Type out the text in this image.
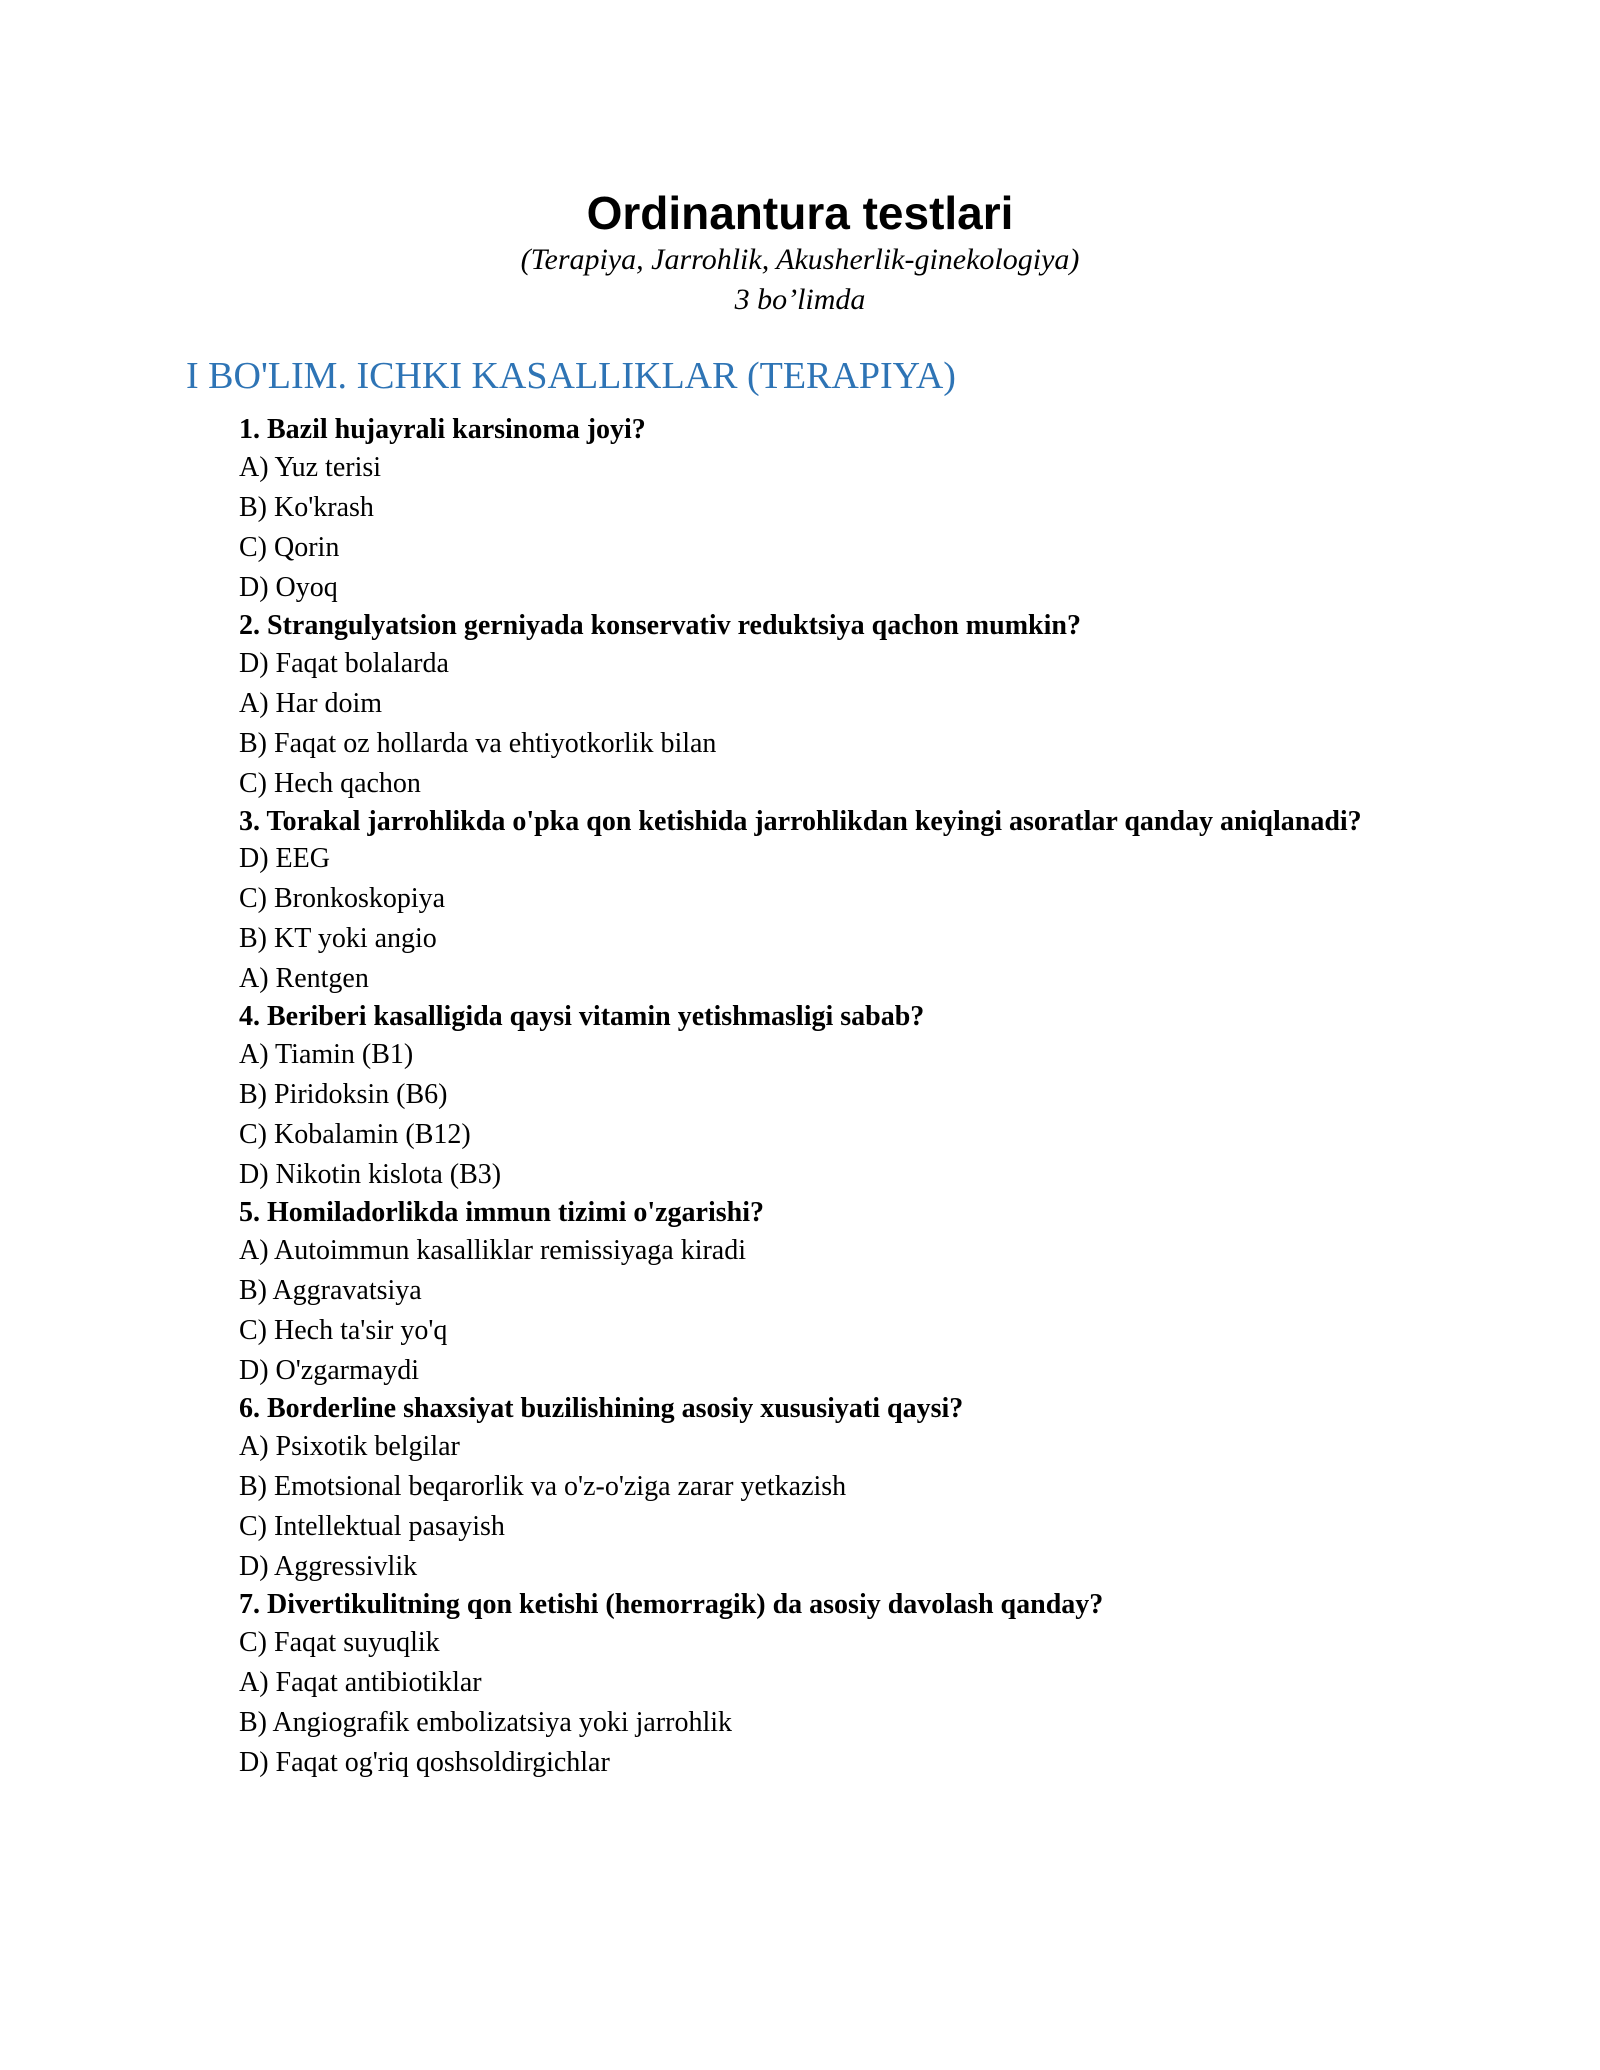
Ordinantura testlari

(Terapiya, Jarrohlik, Akusherlik-ginekologiya)

3 bo’limda

I BO'LIM. ICHKI KASALLIKLAR (TERAPIYA)

1. Bazil hujayrali karsinoma joyi?

A) Yuz terisi
B) Ko'krash
C) Qorin
D) Oyoq

2. Strangulyatsion gerniyada konservativ reduktsiya qachon mumkin?

D) Faqat bolalarda
A) Har doim
B) Faqat oz hollarda va ehtiyotkorlik bilan
C) Hech qachon

3. Torakal jarrohlikda o'pka qon ketishida jarrohlikdan keyingi asoratlar qanday aniqlanadi?

D) EEG
C) Bronkoskopiya
B) KT yoki angio
A) Rentgen

4. Beriberi kasalligida qaysi vitamin yetishmasligi sabab?

A) Tiamin (B1)
B) Piridoksin (B6)
C) Kobalamin (B12)
D) Nikotin kislota (B3)

5. Homiladorlikda immun tizimi o'zgarishi?

A) Autoimmun kasalliklar remissiyaga kiradi
B) Aggravatsiya
C) Hech ta'sir yo'q
D) O'zgarmaydi

6. Borderline shaxsiyat buzilishining asosiy xususiyati qaysi?

A) Psixotik belgilar
B) Emotsional beqarorlik va o'z-o'ziga zarar yetkazish
C) Intellektual pasayish
D) Aggressivlik

7. Divertikulitning qon ketishi (hemorragik) da asosiy davolash qanday?

C) Faqat suyuqlik
A) Faqat antibiotiklar
B) Angiografik embolizatsiya yoki jarrohlik
D) Faqat og'riq qoshsoldirgichlar
